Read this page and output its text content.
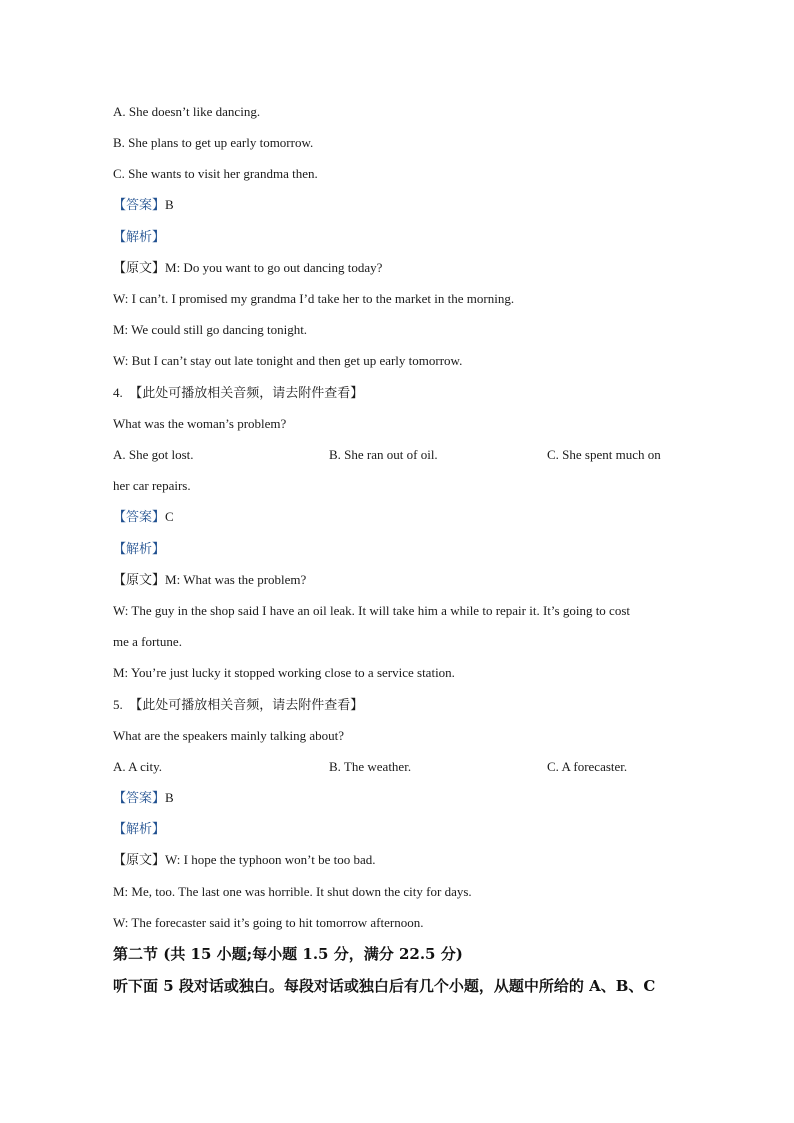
A. She doesn’t like dancing.
B. She plans to get up early tomorrow.
C. She wants to visit her grandma then.
【答案】B
【解析】
【原文】M: Do you want to go out dancing today?
W: I can’t. I promised my grandma I’d take her to the market in the morning.
M: We could still go dancing tonight.
W: But I can’t stay out late tonight and then get up early tomorrow.
4. 【此处可播放相关音频，请去附件查看】
What was the woman’s problem?
A. She got lost.	B. She ran out of oil.	C. She spent much on
her car repairs.
【答案】C
【解析】
【原文】M: What was the problem?
W: The guy in the shop said I have an oil leak. It will take him a while to repair it. It’s going to cost
me a fortune.
M: You’re just lucky it stopped working close to a service station.
5. 【此处可播放相关音频，请去附件查看】
What are the speakers mainly talking about?
A. A city.	B. The weather.	C. A forecaster.
【答案】B
【解析】
【原文】W: I hope the typhoon won’t be too bad.
M: Me, too. The last one was horrible. It shut down the city for days.
W: The forecaster said it’s going to hit tomorrow afternoon.
第二节 (共 15 小题;每小题 1.5 分，满分 22.5 分)
听下面 5 段对话或独白。每段对话或独白后有几个小题，从题中所给的 A、B、C
